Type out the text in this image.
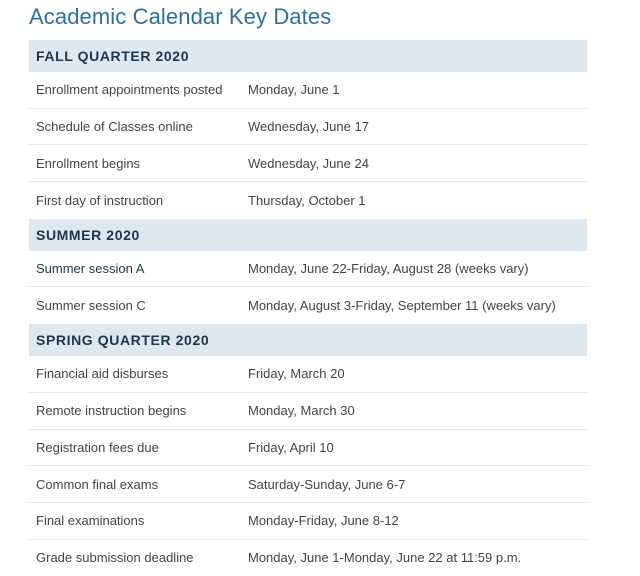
Academic Calendar Key Dates
FALL QUARTER 2020
Enrollment appointments posted	Monday, June 1
Schedule of Classes online	Wednesday, June 17
Enrollment begins	Wednesday, June 24
First day of instruction	Thursday, October 1
SUMMER 2020
Summer session A	Monday, June 22-Friday, August 28 (weeks vary)
Summer session C	Monday, August 3-Friday, September 11 (weeks vary)
SPRING QUARTER 2020
Financial aid disburses	Friday, March 20
Remote instruction begins	Monday, March 30
Registration fees due	Friday, April 10
Common final exams	Saturday-Sunday, June 6-7
Final examinations	Monday-Friday, June 8-12
Grade submission deadline	Monday, June 1-Monday, June 22 at 11:59 p.m.
